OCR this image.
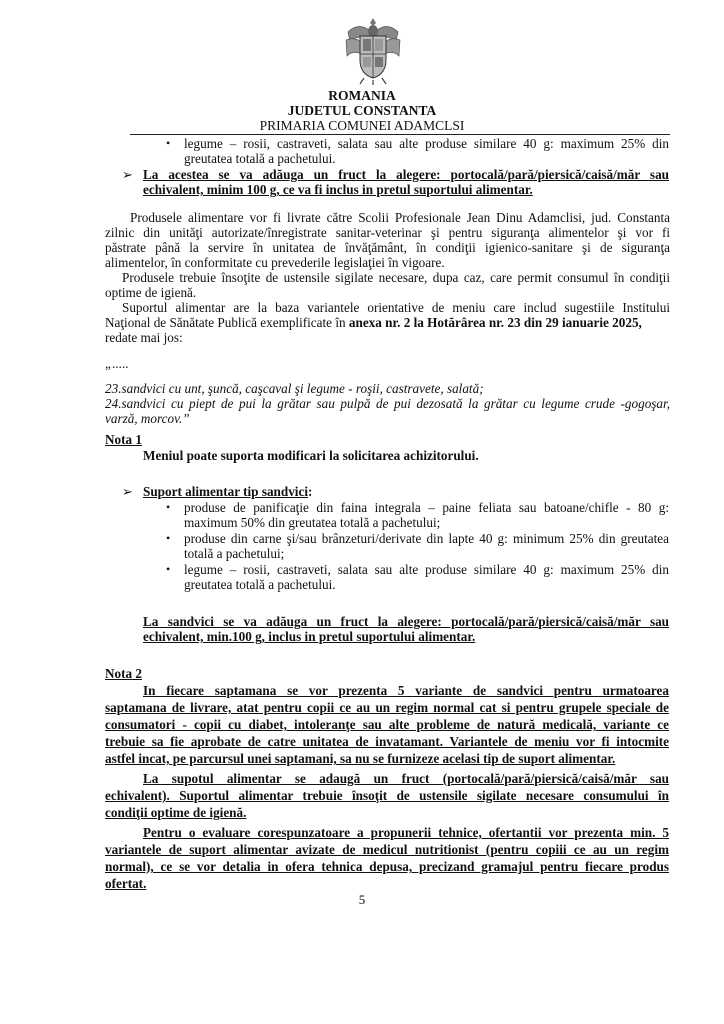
ROMANIA
JUDETUL CONSTANTA
PRIMARIA COMUNEI ADAMCLSI
• legume – rosii, castraveti, salata sau alte produse similare 40 g: maximum 25% din
greutatea totală a pachetului.
➢ La acestea se va adăuga un fruct la alegere: portocală/pară/piersică/caisă/măr sau
echivalent, minim 100 g, ce va fi inclus in pretul suportului alimentar.
Produsele alimentare vor fi livrate către Scolii Profesionale Jean Dinu Adamclisi, jud. Constanta
zilnic din unităţi autorizate/înregistrate sanitar-veterinar şi pentru siguranţa alimentelor şi vor fi
păstrate până la servire în unitatea de învăţământ, în condiţii igienico-sanitare şi de siguranţa
alimentelor, în conformitate cu prevederile legislaţiei în vigoare.
Produsele trebuie însoţite de ustensile sigilate necesare, dupa caz, care permit consumul în condiţii
optime de igienă.
Suportul alimentar are la baza variantele orientative de meniu care includ sugestiile Institului
Naţional de Sănătate Publică exemplificate în anexa nr. 2 la Hotărârea nr. 23 din 29 ianuarie 2025,
redate mai jos:
„.....
23.sandvici cu unt, şuncă, caşcaval şi legume - roşii, castravete, salată;
24.sandvici cu piept de pui la grătar sau pulpă de pui dezosată la grătar cu legume crude -gogoşar,
varză, morcov.”
Nota 1
Meniul poate suporta modificari la solicitarea achizitorului.
➢ Suport alimentar tip sandvici:
• produse de panificaţie din faina integrala – paine feliata sau batoane/chifle - 80 g:
maximum 50% din greutatea totală a pachetului;
• produse din carne şi/sau brânzeturi/derivate din lapte 40 g: minimum 25% din greutatea
totală a pachetului;
• legume – rosii, castraveti, salata sau alte produse similare 40 g: maximum 25% din
greutatea totală a pachetului.
La sandvici se va adăuga un fruct la alegere: portocală/pară/piersică/caisă/măr sau
echivalent, min.100 g, inclus in pretul suportului alimentar.
Nota 2
In fiecare saptamana se vor prezenta 5 variante de sandvici pentru urmatoarea
saptamana de livrare, atat pentru copii ce au un regim normal cat si pentru grupele speciale de
consumatori - copii cu diabet, intoleranţe sau alte probleme de natură medicală, variante ce
trebuie sa fie aprobate de catre unitatea de invatamant. Variantele de meniu vor fi intocmite
astfel incat, pe parcursul unei saptamani, sa nu se furnizeze acelasi tip de suport alimentar.
La supotul alimentar se adaugă un fruct (portocală/pară/piersică/caisă/măr sau
echivalent). Suportul alimentar trebuie însoţit de ustensile sigilate necesare consumului în
condiţii optime de igienă.
Pentru o evaluare corespunzatoare a propunerii tehnice, ofertantii vor prezenta min. 5
variantele de suport alimentar avizate de medicul nutritionist (pentru copiii ce au un regim
normal), ce se vor detalia in ofera tehnica depusa, precizand gramajul pentru fiecare produs
ofertat.
5
